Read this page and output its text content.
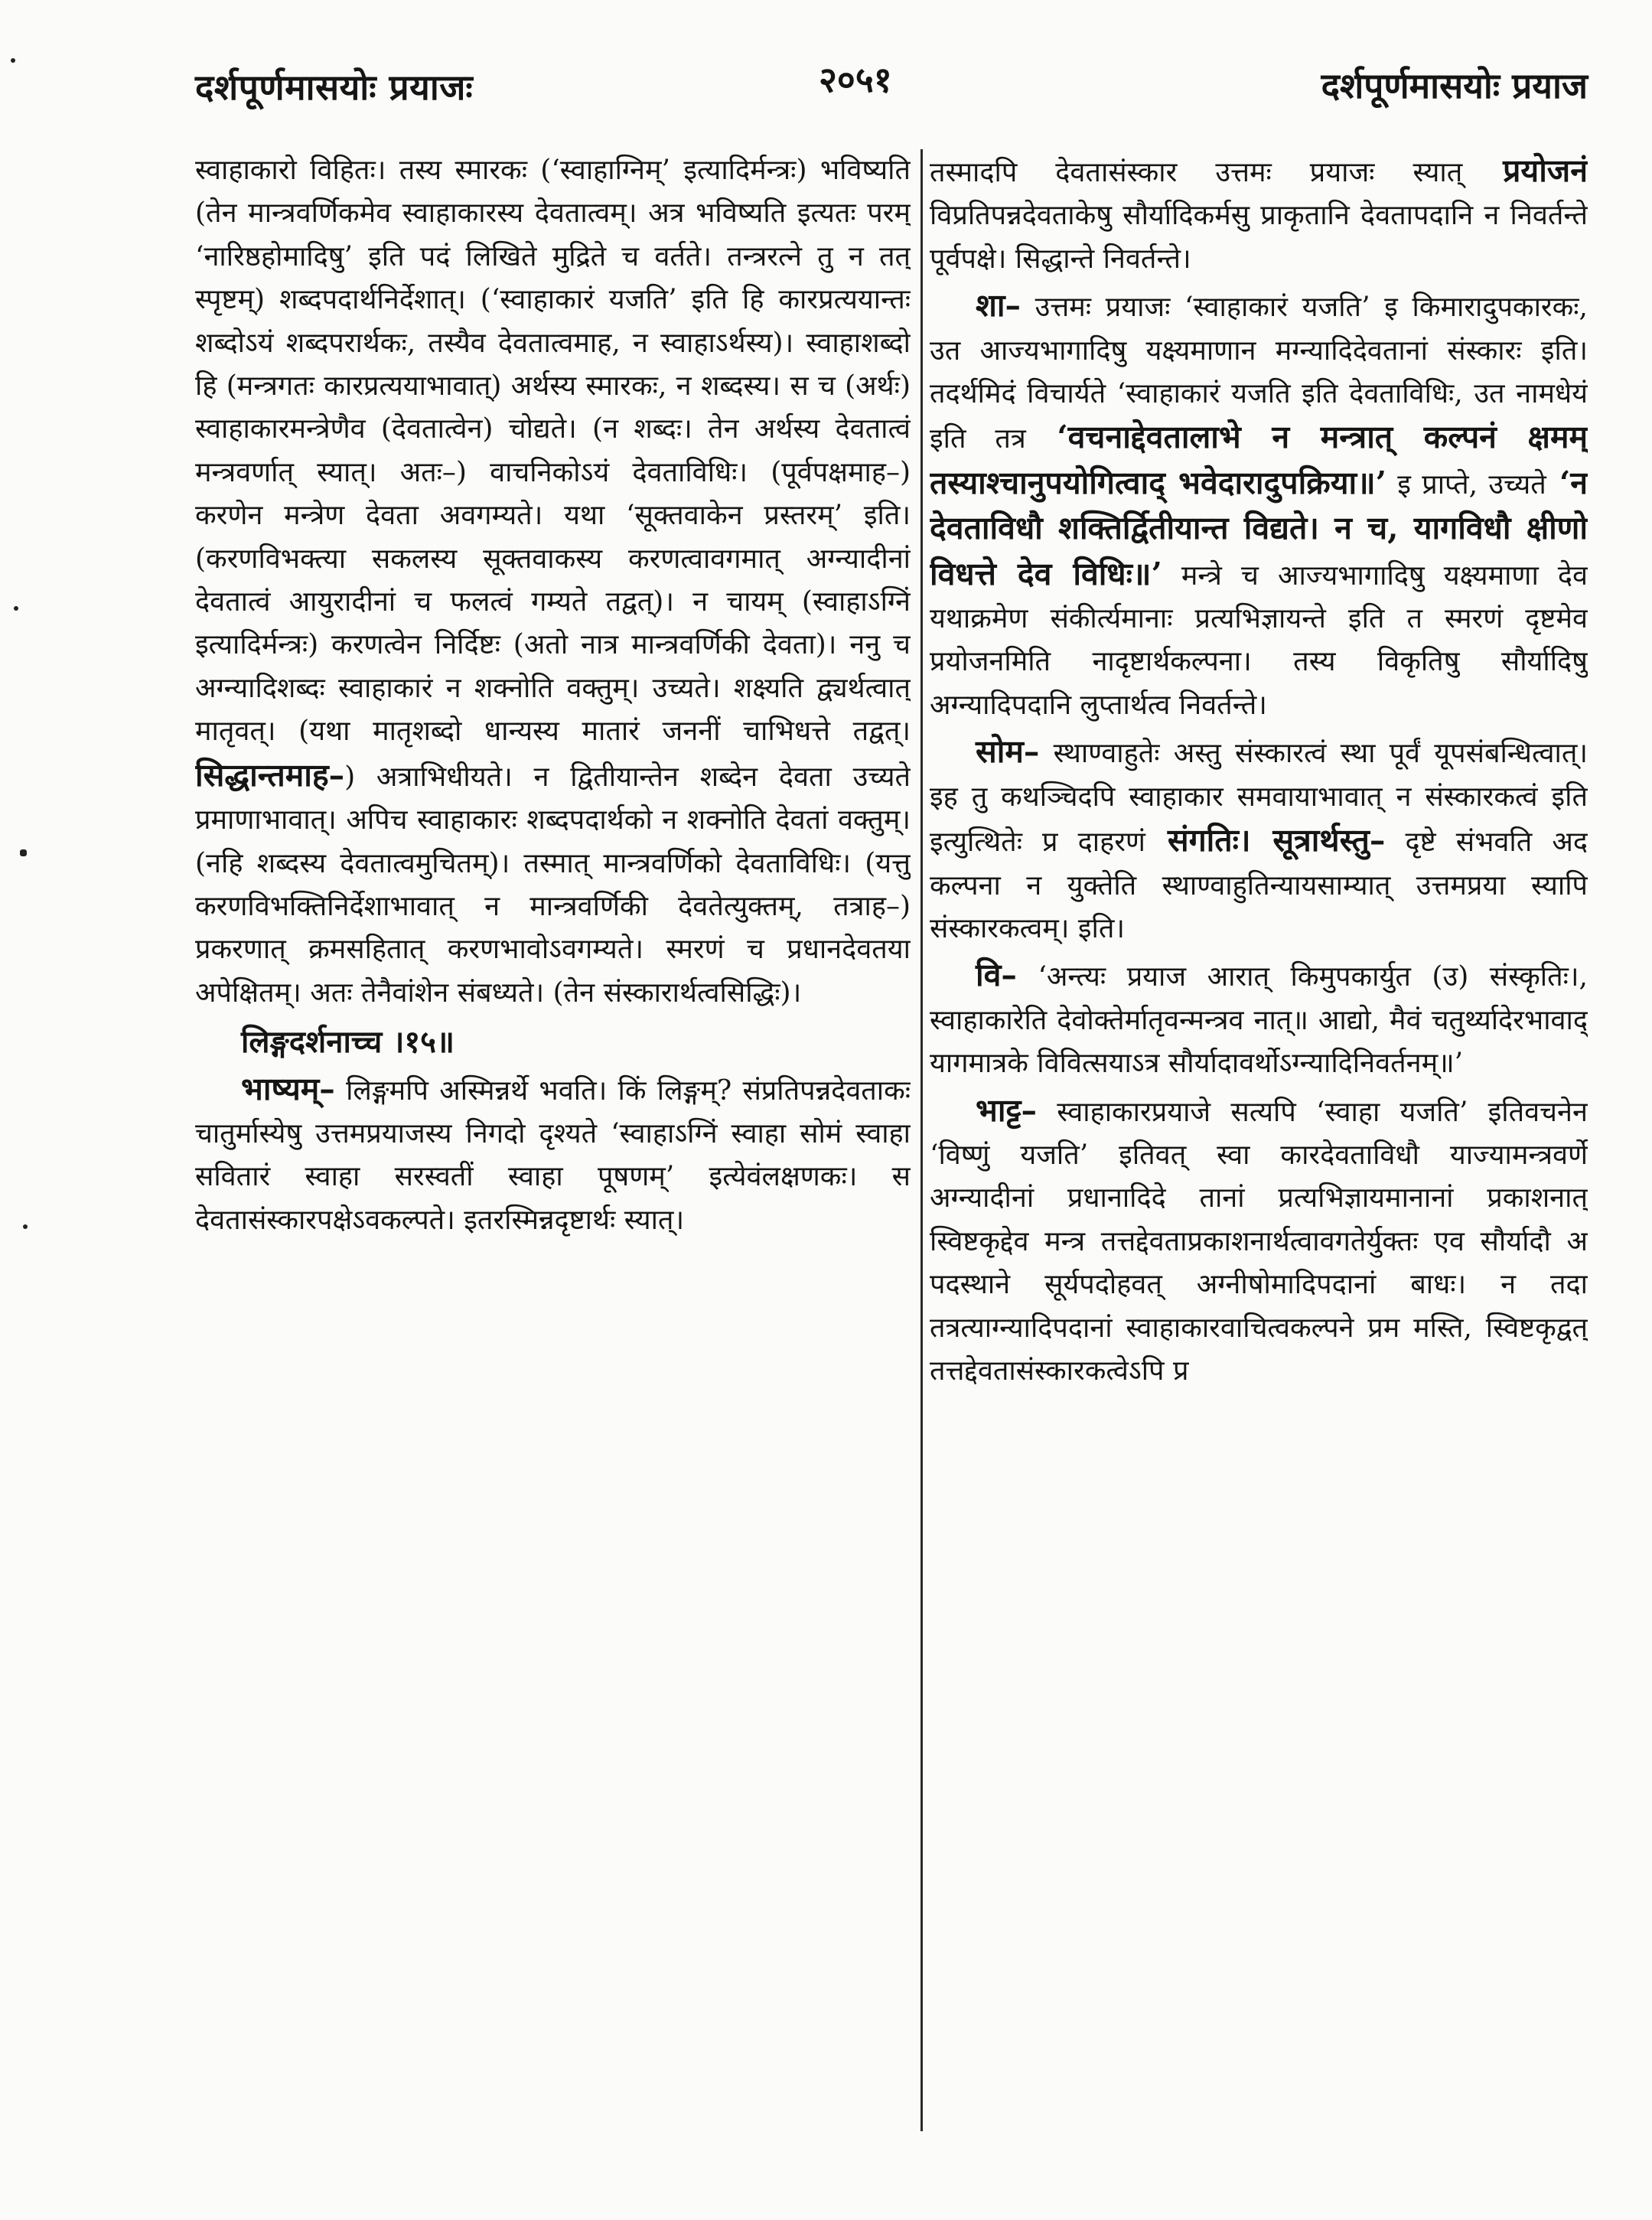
दर्शपूर्णमासयोः प्रयाजः	२०५१	दर्शपूर्णमासयोः प्रयाज

स्वाहाकारो विहितः। तस्य स्मारकः (‘स्वाहाग्निम्’ इत्यादिर्मन्त्रः) भविष्यति (तेन मान्त्रवर्णिकमेव स्वाहाकारस्य देवतात्वम्। अत्र भविष्यति इत्यतः परम् ‘नारिष्ठहोमादिषु’ इति पदं लिखिते मुद्रिते च वर्तते। तन्त्ररत्ने तु न तत् स्पृष्टम्) शब्दपदार्थनिर्देशात्। (‘स्वाहाकारं यजति’ इति हि कारप्रत्ययान्तः शब्दोऽयं शब्दपरार्थकः, तस्यैव देवतात्वमाह, न स्वाहाऽर्थस्य)। स्वाहाशब्दो हि (मन्त्रगतः कारप्रत्ययाभावात्) अर्थस्य स्मारकः, न शब्दस्य। स च (अर्थः) स्वाहाकारमन्त्रेणैव (देवतात्वेन) चोद्यते। (न शब्दः। तेन अर्थस्य देवतात्वं मन्त्रवर्णात् स्यात्। अतः–) वाचनिकोऽयं देवताविधिः। (पूर्वपक्षमाह–) करणेन मन्त्रेण देवता अवगम्यते। यथा ‘सूक्तवाकेन प्रस्तरम्’ इति। (करणविभक्त्या सकलस्य सूक्तवाकस्य करणत्वावगमात् अग्न्यादीनां देवतात्वं आयुरादीनां च फलत्वं गम्यते तद्वत्)। न चायम् (स्वाहाऽग्निं इत्यादिर्मन्त्रः) करणत्वेन निर्दिष्टः (अतो नात्र मान्त्रवर्णिकी देवता)। ननु च अग्न्यादिशब्दः स्वाहाकारं न शक्नोति वक्तुम्। उच्यते। शक्ष्यति द्व्यर्थत्वात् मातृवत्। (यथा मातृशब्दो धान्यस्य मातारं जननीं चाभिधत्ते तद्वत्। सिद्धान्तमाह–) अत्राभिधीयते। न द्वितीयान्तेन शब्देन देवता उच्यते प्रमाणाभावात्। अपिच स्वाहाकारः शब्दपदार्थको न शक्नोति देवतां वक्तुम्। (नहि शब्दस्य देवतात्वमुचितम्)। तस्मात् मान्त्रवर्णिको देवताविधिः। (यत्तु करणविभक्तिनिर्देशाभावात् न मान्त्रवर्णिकी देवतेत्युक्तम्, तत्राह–) प्रकरणात् क्रमसहितात् करणभावोऽवगम्यते। स्मरणं च प्रधानदेवतया अपेक्षितम्। अतः तेनैवांशेन संबध्यते। (तेन संस्कारार्थत्वसिद्धिः)।

लिङ्गदर्शनाच्च ।१५॥

भाष्यम्– लिङ्गमपि अस्मिन्नर्थे भवति। किं लिङ्गम्? संप्रतिपन्नदेवताकः चातुर्मास्येषु उत्तमप्रयाजस्य निगदो दृश्यते ‘स्वाहाऽग्निं स्वाहा सोमं स्वाहा सवितारं स्वाहा सरस्वतीं स्वाहा पूषणम्’ इत्येवंलक्षणकः। स देवतासंस्कारपक्षेऽवकल्पते। इतरस्मिन्नदृष्टार्थः स्यात्।

तस्मादपि देवतासंस्कार उत्तमः प्रयाजः स्यात् प्रयोजनं विप्रतिपन्नदेवताकेषु सौर्यादिकर्मसु प्राकृतानि देवतापदानि न निवर्तन्ते पूर्वपक्षे। सिद्धान्ते निवर्तन्ते।

शा– उत्तमः प्रयाजः ‘स्वाहाकारं यजति’ इ किमारादुपकारकः, उत आज्यभागादिषु यक्ष्यमाणान मग्न्यादिदेवतानां संस्कारः इति। तदर्थमिदं विचार्यते ‘स्वाहाकारं यजति इति देवताविधिः, उत नामधेयं इति तत्र ‘वचनाद्देवतालाभे न मन्त्रात् कल्पनं क्षमम् तस्याश्चानुपयोगित्वाद् भवेदारादुपक्रिया॥’ इ प्राप्ते, उच्यते ‘न देवताविधौ शक्तिर्द्वितीयान्त विद्यते। न च, यागविधौ क्षीणो विधत्ते देव विधिः॥’ मन्त्रे च आज्यभागादिषु यक्ष्यमाणा देव यथाक्रमेण संकीर्त्यमानाः प्रत्यभिज्ञायन्ते इति त स्मरणं दृष्टमेव प्रयोजनमिति नादृष्टार्थकल्पना। तस्य विकृतिषु सौर्यादिषु अग्न्यादिपदानि लुप्तार्थत्व निवर्तन्ते।

सोम– स्थाण्वाहुतेः अस्तु संस्कारत्वं स्था पूर्वं यूपसंबन्धित्वात्। इह तु कथञ्चिदपि स्वाहाकार समवायाभावात् न संस्कारकत्वं इति इत्युत्थितेः प्र दाहरणं संगतिः। सूत्रार्थस्तु– दृष्टे संभवति अद कल्पना न युक्तेति स्थाण्वाहुतिन्यायसाम्यात् उत्तमप्रया स्यापि संस्कारकत्वम्। इति।

वि– ‘अन्त्यः प्रयाज आरात् किमुपकार्युत (उ) संस्कृतिः।, स्वाहाकारेति देवोक्तेर्मातृवन्मन्त्रव नात्॥ आद्यो, मैवं चतुर्थ्यादेरभावाद् यागमात्रके विवित्सयाऽत्र सौर्यादावर्थोऽग्न्यादिनिवर्तनम्॥’

भाट्ट– स्वाहाकारप्रयाजे सत्यपि ‘स्वाहा यजति’ इतिवचनेन ‘विष्णुं यजति’ इतिवत् स्वा कारदेवताविधौ याज्यामन्त्रवर्णे अग्न्यादीनां प्रधानादिदे तानां प्रत्यभिज्ञायमानानां प्रकाशनात् स्विष्टकृद्देव मन्त्र तत्तद्देवताप्रकाशनार्थत्वावगतेर्युक्तः एव सौर्यादौ अ पदस्थाने सूर्यपदोहवत् अग्नीषोमादिपदानां बाधः। न तदा तत्रत्याग्न्यादिपदानां स्वाहाकारवाचित्वकल्पने प्रम मस्ति, स्विष्टकृद्वत् तत्तद्देवतासंस्कारकत्वेऽपि प्र
